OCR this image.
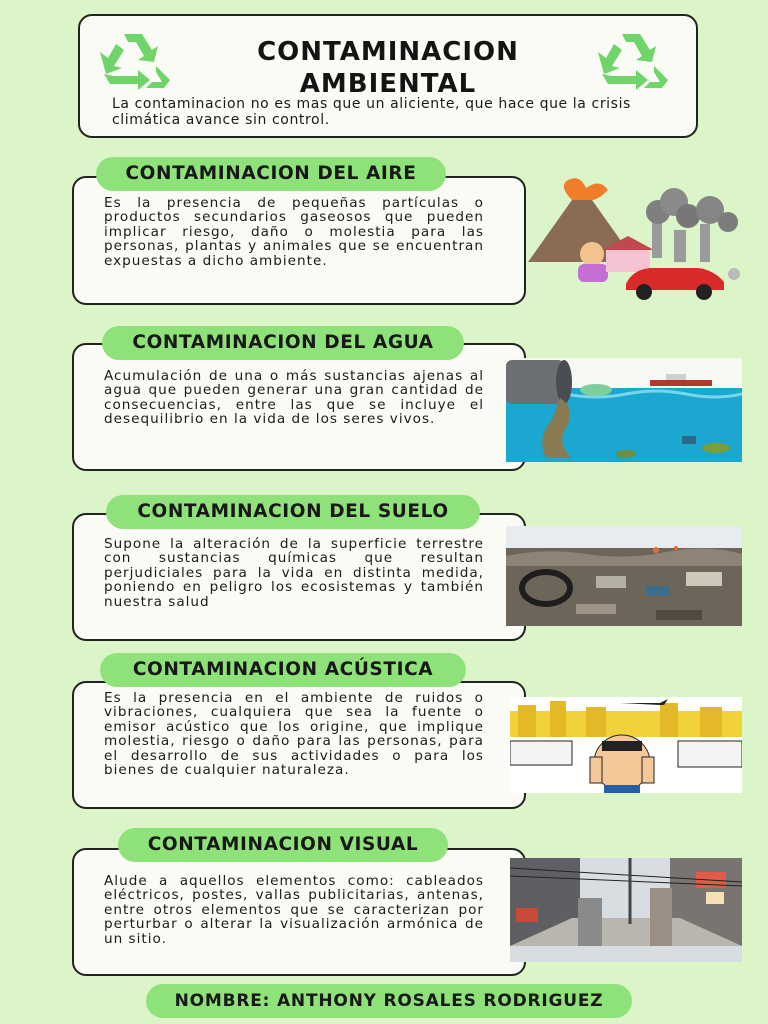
CONTAMINACION
AMBIENTAL
La contaminacion no es mas que un aliciente, que hace que la crisis climática avance sin control.
CONTAMINACION DEL AIRE
Es la presencia de pequeñas partículas o productos secundarios gaseosos que pueden implicar riesgo, daño o molestia para las personas, plantas y animales que se encuentran expuestas a dicho ambiente.
CONTAMINACION DEL AGUA
Acumulación de una o más sustancias ajenas al agua que pueden generar una gran cantidad de consecuencias, entre las que se incluye el desequilibrio en la vida de los seres vivos.
CONTAMINACION DEL SUELO
Supone la alteración de la superficie terrestre con sustancias químicas que resultan perjudiciales para la vida en distinta medida, poniendo en peligro los ecosistemas y también nuestra salud
CONTAMINACION ACÚSTICA
Es la presencia en el ambiente de ruidos o vibraciones, cualquiera que sea la fuente o emisor acústico que los origine, que implique molestia, riesgo o daño para las personas, para el desarrollo de sus actividades o para los bienes de cualquier naturaleza.
CONTAMINACION VISUAL
Alude a aquellos elementos como: cableados eléctricos, postes, vallas publicitarias, antenas, entre otros elementos que se caracterizan por perturbar o alterar la visualización armónica de un sitio.
NOMBRE: ANTHONY ROSALES RODRIGUEZ
